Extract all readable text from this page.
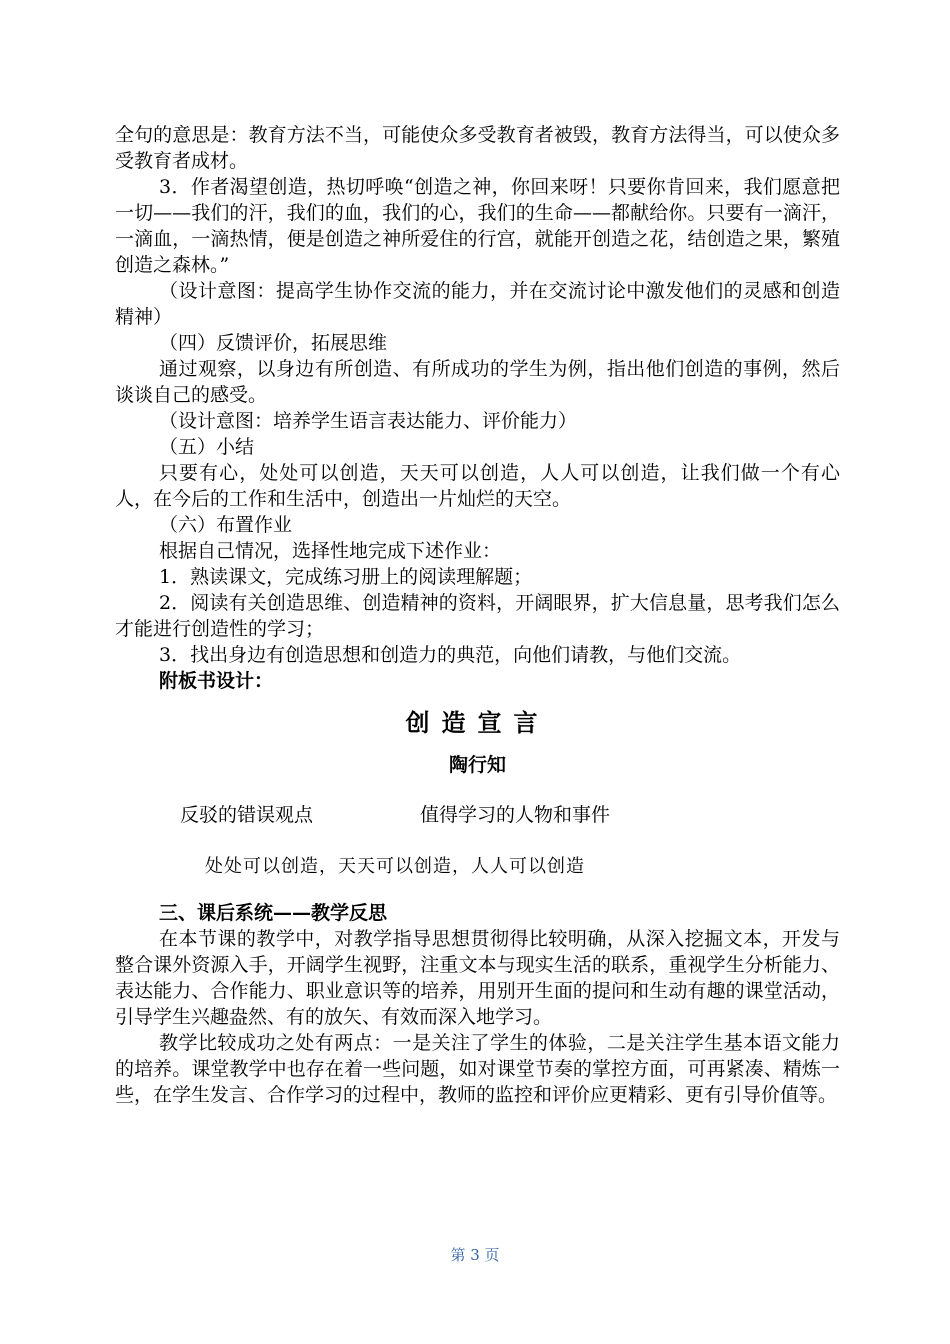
全句的意思是：教育方法不当，可能使众多受教育者被毁，教育方法得当，可以使众多受教育者成材。

3．作者渴望创造，热切呼唤“创造之神，你回来呀！只要你肯回来，我们愿意把一切——我们的汗，我们的血，我们的心，我们的生命——都献给你。只要有一滴汗，一滴血，一滴热情，便是创造之神所爱住的行宫，就能开创造之花，结创造之果，繁殖创造之森林。”

（设计意图：提高学生协作交流的能力，并在交流讨论中激发他们的灵感和创造精神）

（四）反馈评价，拓展思维

通过观察，以身边有所创造、有所成功的学生为例，指出他们创造的事例，然后谈谈自己的感受。

（设计意图：培养学生语言表达能力、评价能力）

（五）小结

只要有心，处处可以创造，天天可以创造，人人可以创造，让我们做一个有心人，在今后的工作和生活中，创造出一片灿烂的天空。

（六）布置作业

根据自己情况，选择性地完成下述作业：

1．熟读课文，完成练习册上的阅读理解题；

2．阅读有关创造思维、创造精神的资料，开阔眼界，扩大信息量，思考我们怎么才能进行创造性的学习；

3．找出身边有创造思想和创造力的典范，向他们请教，与他们交流。

附板书设计：

创造宣言
陶行知
反驳的错误观点	值得学习的人物和事件
处处可以创造，天天可以创造，人人可以创造

三、课后系统——教学反思

在本节课的教学中，对教学指导思想贯彻得比较明确，从深入挖掘文本，开发与整合课外资源入手，开阔学生视野，注重文本与现实生活的联系，重视学生分析能力、表达能力、合作能力、职业意识等的培养，用别开生面的提问和生动有趣的课堂活动，引导学生兴趣盎然、有的放矢、有效而深入地学习。

教学比较成功之处有两点：一是关注了学生的体验，二是关注学生基本语文能力的培养。课堂教学中也存在着一些问题，如对课堂节奏的掌控方面，可再紧凑、精炼一些，在学生发言、合作学习的过程中，教师的监控和评价应更精彩、更有引导价值等。

第 3 页
